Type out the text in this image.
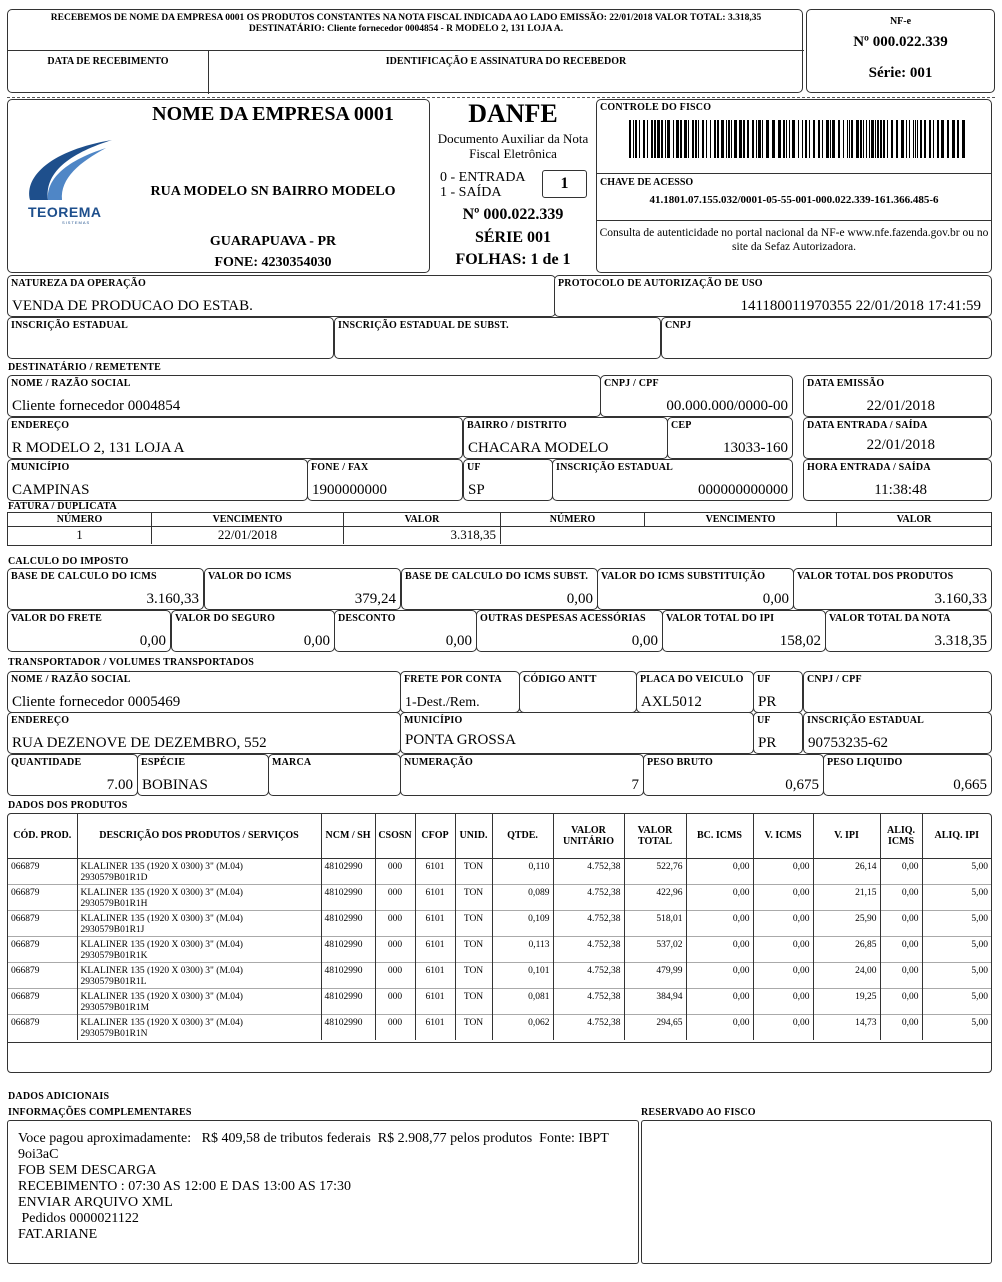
RECEBEMOS DE NOME DA EMPRESA 0001 OS PRODUTOS CONSTANTES NA NOTA FISCAL INDICADA AO LADO EMISSÃO: 22/01/2018 VALOR TOTAL: 3.318,35
DESTINATÁRIO: Cliente fornecedor 0004854 - R MODELO 2, 131 LOJA A.
DATA DE RECEBIMENTO	IDENTIFICAÇÃO E ASSINATURA DO RECEBEDOR
NF-e
Nº 000.022.339
Série: 001
NOME DA EMPRESA 0001
TEOREMA
SISTEMAS
RUA MODELO SN BAIRRO MODELO
GUARAPUAVA - PR
FONE: 4230354030
DANFE
Documento Auxiliar da Nota Fiscal Eletrônica
0 - ENTRADA
1 - SAÍDA
1
Nº 000.022.339
SÉRIE 001
FOLHAS: 1 de 1
CONTROLE DO FISCO
CHAVE DE ACESSO
41.1801.07.155.032/0001-05-55-001-000.022.339-161.366.485-6
Consulta de autenticidade no portal nacional da NF-e www.nfe.fazenda.gov.br ou no site da Sefaz Autorizadora.
NATUREZA DA OPERAÇÃO
VENDA DE PRODUCAO DO ESTAB.
PROTOCOLO DE AUTORIZAÇÃO DE USO
141180011970355 22/01/2018 17:41:59
INSCRIÇÃO ESTADUAL	INSCRIÇÃO ESTADUAL DE SUBST.	CNPJ
DESTINATÁRIO / REMETENTE
NOME / RAZÃO SOCIAL
Cliente fornecedor 0004854
CNPJ / CPF
00.000.000/0000-00
DATA EMISSÃO
22/01/2018
ENDEREÇO
R MODELO 2, 131 LOJA A
BAIRRO / DISTRITO
CHACARA MODELO
CEP
13033-160
DATA ENTRADA / SAÍDA
22/01/2018
MUNICÍPIO
CAMPINAS
FONE / FAX
1900000000
UF
SP
INSCRIÇÃO ESTADUAL
000000000000
HORA ENTRADA / SAÍDA
11:38:48
FATURA / DUPLICATA
NÚMERO	VENCIMENTO	VALOR	NÚMERO	VENCIMENTO	VALOR
1	22/01/2018	3.318,35			
CALCULO DO IMPOSTO
BASE DE CALCULO DO ICMS
3.160,33
VALOR DO ICMS
379,24
BASE DE CALCULO DO ICMS SUBST.
0,00
VALOR DO ICMS SUBSTITUIÇÃO
0,00
VALOR TOTAL DOS PRODUTOS
3.160,33
VALOR DO FRETE
0,00
VALOR DO SEGURO
0,00
DESCONTO
0,00
OUTRAS DESPESAS ACESSÓRIAS
0,00
VALOR TOTAL DO IPI
158,02
VALOR TOTAL DA NOTA
3.318,35
TRANSPORTADOR / VOLUMES TRANSPORTADOS
NOME / RAZÃO SOCIAL
Cliente fornecedor 0005469
FRETE POR CONTA
1-Dest./Rem.
CÓDIGO ANTT	PLACA DO VEICULO
AXL5012
UF
PR
CNPJ / CPF
ENDEREÇO
RUA DEZENOVE DE DEZEMBRO, 552
MUNICÍPIO
PONTA GROSSA
UF
PR
INSCRIÇÃO ESTADUAL
90753235-62
QUANTIDADE
7.00
ESPÉCIE
BOBINAS
MARCA	NUMERAÇÃO
7
PESO BRUTO
0,675
PESO LIQUIDO
0,665
DADOS DOS PRODUTOS
CÓD. PROD.	DESCRIÇÃO DOS PRODUTOS / SERVIÇOS	NCM / SH	CSOSN	CFOP	UNID.	QTDE.	VALOR UNITÁRIO	VALOR TOTAL	BC. ICMS	V. ICMS	V. IPI	ALIQ. ICMS	ALIQ. IPI
066879	KLALINER 135 (1920 X 0300) 3" (M.04)
2930579B01R1D	48102990	000	6101	TON	0,110	4.752,38	522,76	0,00	0,00	26,14	0,00	5,00
066879	KLALINER 135 (1920 X 0300) 3" (M.04)
2930579B01R1H	48102990	000	6101	TON	0,089	4.752,38	422,96	0,00	0,00	21,15	0,00	5,00
066879	KLALINER 135 (1920 X 0300) 3" (M.04)
2930579B01R1J	48102990	000	6101	TON	0,109	4.752,38	518,01	0,00	0,00	25,90	0,00	5,00
066879	KLALINER 135 (1920 X 0300) 3" (M.04)
2930579B01R1K	48102990	000	6101	TON	0,113	4.752,38	537,02	0,00	0,00	26,85	0,00	5,00
066879	KLALINER 135 (1920 X 0300) 3" (M.04)
2930579B01R1L	48102990	000	6101	TON	0,101	4.752,38	479,99	0,00	0,00	24,00	0,00	5,00
066879	KLALINER 135 (1920 X 0300) 3" (M.04)
2930579B01R1M	48102990	000	6101	TON	0,081	4.752,38	384,94	0,00	0,00	19,25	0,00	5,00
066879	KLALINER 135 (1920 X 0300) 3" (M.04)
2930579B01R1N	48102990	000	6101	TON	0,062	4.752,38	294,65	0,00	0,00	14,73	0,00	5,00
DADOS ADICIONAIS
INFORMAÇÕES COMPLEMENTARES	RESERVADO AO FISCO
Voce pagou aproximadamente:   R$ 409,58 de tributos federais  R$ 2.908,77 pelos produtos  Fonte: IBPT
9oi3aC
FOB SEM DESCARGA
RECEBIMENTO : 07:30 AS 12:00 E DAS 13:00 AS 17:30
ENVIAR ARQUIVO XML
Pedidos 0000021122
FAT.ARIANE
